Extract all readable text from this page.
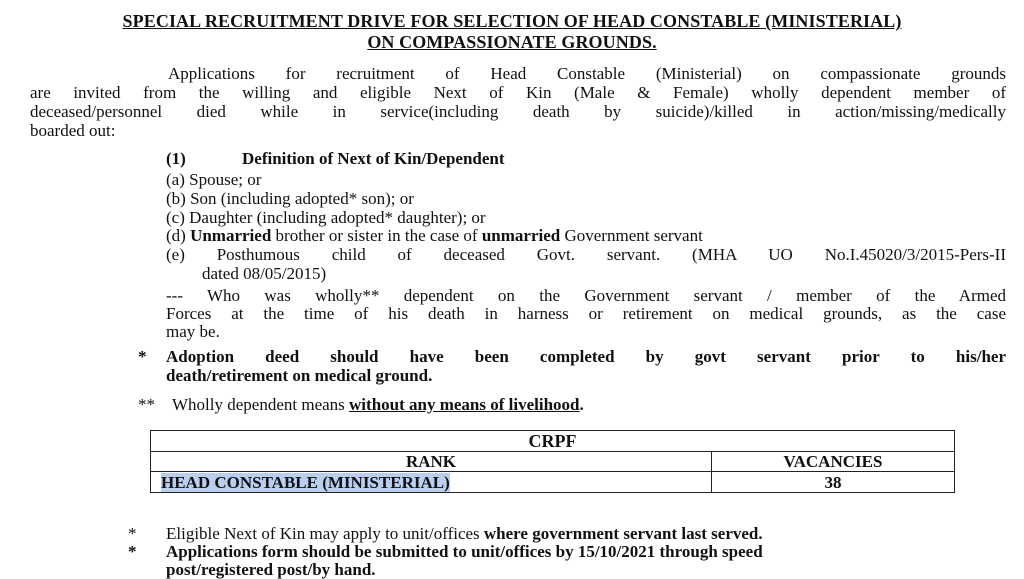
SPECIAL RECRUITMENT DRIVE FOR SELECTION OF HEAD CONSTABLE (MINISTERIAL)
ON COMPASSIONATE GROUNDS.
Applications for recruitment of Head Constable (Ministerial) on compassionate grounds
are invited from the willing and eligible Next of Kin (Male & Female) wholly dependent member of
deceased/personnel died while in service(including death by suicide)/killed in action/missing/medically
boarded out:
(1)	Definition of Next of Kin/Dependent
(a) Spouse; or
(b) Son (including adopted* son); or
(c) Daughter (including adopted* daughter); or
(d) Unmarried brother or sister in the case of unmarried Government servant
(e) Posthumous child of deceased Govt. servant. (MHA UO No.I.45020/3/2015-Pers-II
dated 08/05/2015)
--- Who was wholly** dependent on the Government servant / member of the Armed
Forces at the time of his death in harness or retirement on medical grounds, as the case
may be.
* Adoption deed should have been completed by govt servant prior to his/her
death/retirement on medical ground.
** Wholly dependent means without any means of livelihood.
CRPF
RANK	VACANCIES
HEAD CONSTABLE (MINISTERIAL)	38
* Eligible Next of Kin may apply to unit/offices where government servant last served.
* Applications form should be submitted to unit/offices by 15/10/2021 through speed
post/registered post/by hand.
